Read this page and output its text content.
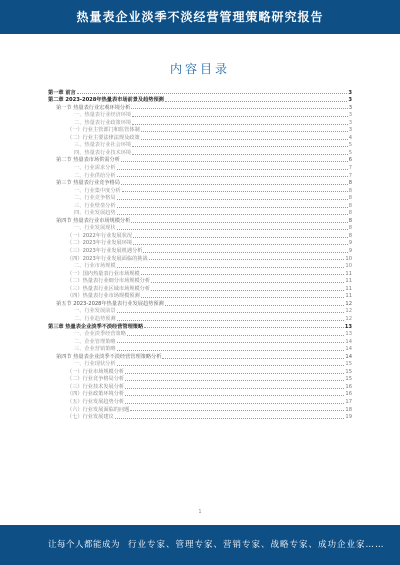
热量表企业淡季不淡经营管理策略研究报告
内容目录
第一章 前言	3
第二章 2023-2028年热量表市场前景及趋势预测	3
第一节 热量表行业宏观环境分析	3
一、热量表行业经济环境	3
二、热量表行业政策环境	3
（一）行业主管部门和监管体制	3
（二）行业主要法律法规及政策	4
三、热量表行业社会环境	5
四、热量表行业技术环境	5
第二节 热量表市场供需分析	6
一、行业需求分析	7
二、行业供给分析	7
第三节 热量表行业竞争格局	8
一、行业集中度分析	8
二、行业竞争格局	8
三、行业壁垒分析	8
四、行业发展趋势	8
第四节 热量表行业市场规模分析	8
一、行业发展现状	8
（一）2022年行业发展状况	8
（二）2023年行业发展环境	9
（三）2023年行业发展机遇分析	9
（四）2023年行业发展面临的挑战	10
二、行业市场规模	10
（一）国内热量表行业市场规模	11
（二）热量表行业细分市场规模分析	11
（三）热量表行业区域市场规模分析	11
（四）热量表行业市场规模预测	11
第五节 2023-2028年热量表行业发展趋势预测	12
一、行业发展前景	12
二、行业趋势预测	12
第三章 热量表企业淡季不淡经营管理策略	13
一、企业淡季经营策略	13
二、企业管理策略	14
三、企业营销策略	14
第四节 热量表企业淡季不淡经营管理策略分析	14
一、行业现状分析	15
（一）行业市场规模分析	15
（二）行业竞争格局分析	15
（三）行业技术发展分析	16
（四）行业政策环境分析	16
（五）行业发展趋势分析	17
（六）行业发展面临的问题	18
（七）行业发展建议	19
1
让每个人都能成为 行业专家、管理专家、营销专家、战略专家、成功企业家……
